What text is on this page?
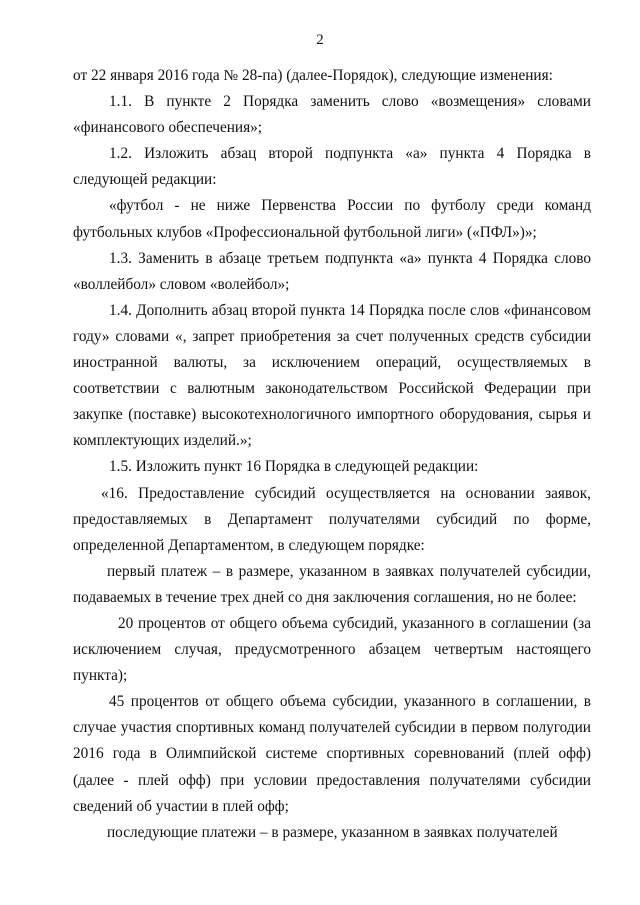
2

от 22 января 2016 года № 28-па) (далее-Порядок), следующие изменения:

1.1. В пункте 2 Порядка заменить слово «возмещения» словами «финансового обеспечения»;

1.2. Изложить абзац второй подпункта «а» пункта 4 Порядка в следующей редакции:

«футбол - не ниже Первенства России по футболу среди команд футбольных клубов «Профессиональной футбольной лиги» («ПФЛ»)»;

1.3. Заменить в абзаце третьем подпункта «а» пункта 4 Порядка слово «воллейбол» словом «волейбол»;

1.4. Дополнить абзац второй пункта 14 Порядка после слов «финансовом году» словами «, запрет приобретения за счет полученных средств субсидии иностранной валюты, за исключением операций, осуществляемых в соответствии с валютным законодательством Российской Федерации при закупке (поставке) высокотехнологичного импортного оборудования, сырья и комплектующих изделий.»;

1.5. Изложить пункт 16 Порядка в следующей редакции:

«16. Предоставление субсидий осуществляется на основании заявок, предоставляемых в Департамент получателями субсидий по форме, определенной Департаментом, в следующем порядке:

первый платеж – в размере, указанном в заявках получателей субсидии, подаваемых в течение трех дней со дня заключения соглашения, но не более:

20 процентов от общего объема субсидий, указанного в соглашении (за исключением случая, предусмотренного абзацем четвертым настоящего пункта);

45 процентов от общего объема субсидии, указанного в соглашении, в случае участия спортивных команд получателей субсидии в первом полугодии 2016 года в Олимпийской системе спортивных соревнований (плей офф) (далее - плей офф) при условии предоставления получателями субсидии сведений об участии в плей офф;

последующие платежи – в размере, указанном в заявках получателей
